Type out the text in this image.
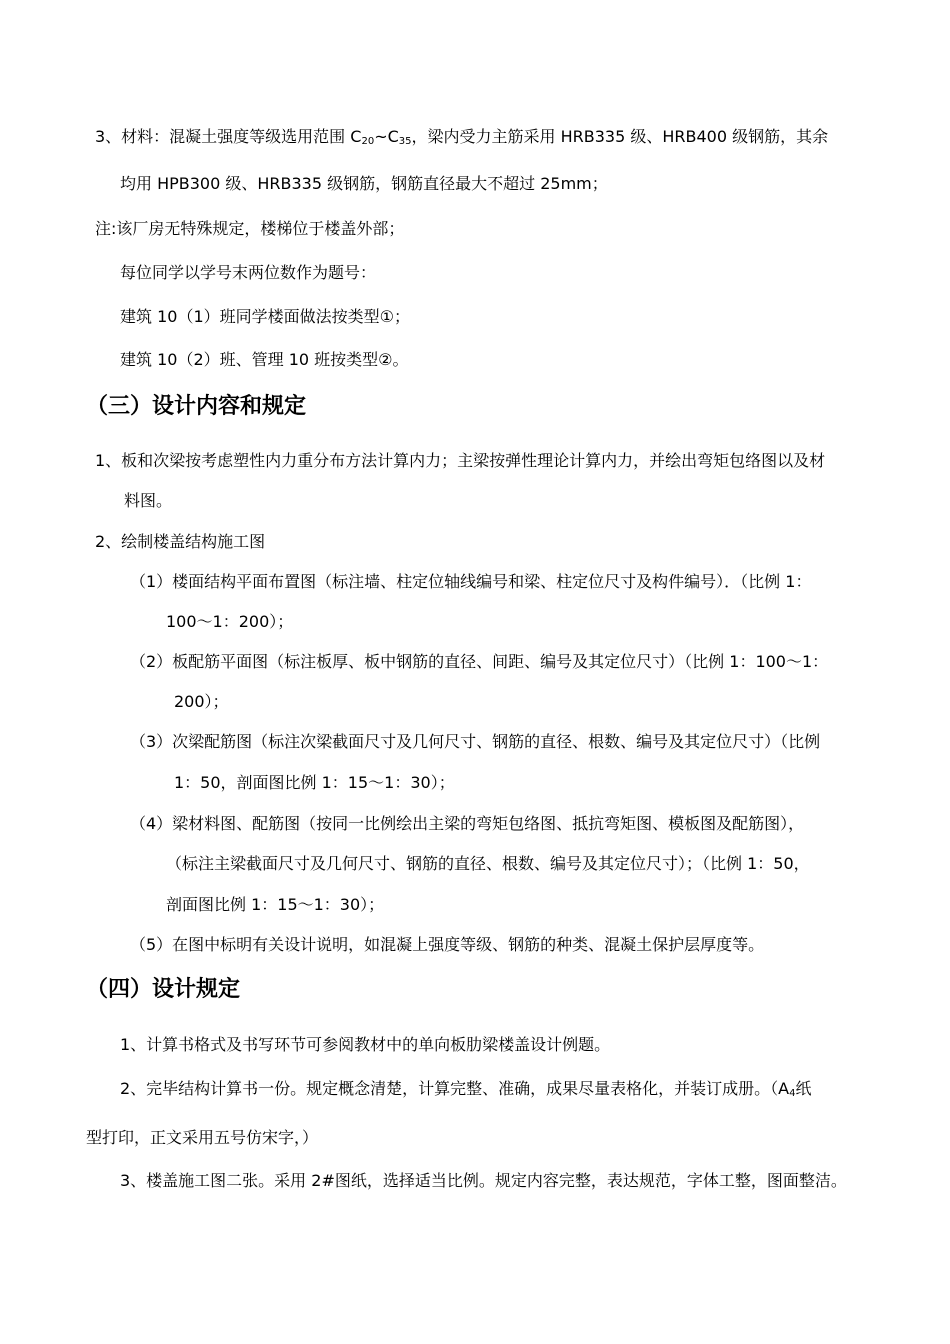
3、材料：混凝土强度等级选用范围 $C_{20}\sim C_{35}$，梁内受力主筋采用 HRB335 级、HRB400 级钢筋，其余
均用 HPB300 级、HRB335 级钢筋，钢筋直径最大不超过 25mm；
注:该厂房无特殊规定，楼梯位于楼盖外部；
每位同学以学号末两位数作为题号：
建筑 10（1）班同学楼面做法按类型①；
建筑 10（2）班、管理 10 班按类型②。
（三）设计内容和规定
1、板和次梁按考虑塑性内力重分布方法计算内力；主梁按弹性理论计算内力，并绘出弯矩包络图以及材
料图。
2、绘制楼盖结构施工图
（1）楼面结构平面布置图（标注墙、柱定位轴线编号和梁、柱定位尺寸及构件编号）．（比例 1：
100～1：200）；
（2）板配筋平面图（标注板厚、板中钢筋的直径、间距、编号及其定位尺寸）（比例 1：100～1：
200）；
（3）次梁配筋图（标注次梁截面尺寸及几何尺寸、钢筋的直径、根数、编号及其定位尺寸）（比例
1：50，剖面图比例 1：15～1：30）；
（4）梁材料图、配筋图（按同一比例绘出主梁的弯矩包络图、抵抗弯矩图、模板图及配筋图），
（标注主梁截面尺寸及几何尺寸、钢筋的直径、根数、编号及其定位尺寸）；（比例 1：50，
剖面图比例 1：15～1：30）；
（5）在图中标明有关设计说明，如混凝上强度等级、钢筋的种类、混凝土保护层厚度等。
（四）设计规定
1、计算书格式及书写环节可参阅教材中的单向板肋梁楼盖设计例题。
2、完毕结构计算书一份。规定概念清楚，计算完整、准确，成果尽量表格化，并装订成册。（$A_4$纸
型打印，正文采用五号仿宋字，）
3、楼盖施工图二张。采用 2#图纸，选择适当比例。规定内容完整，表达规范，字体工整，图面整洁。
